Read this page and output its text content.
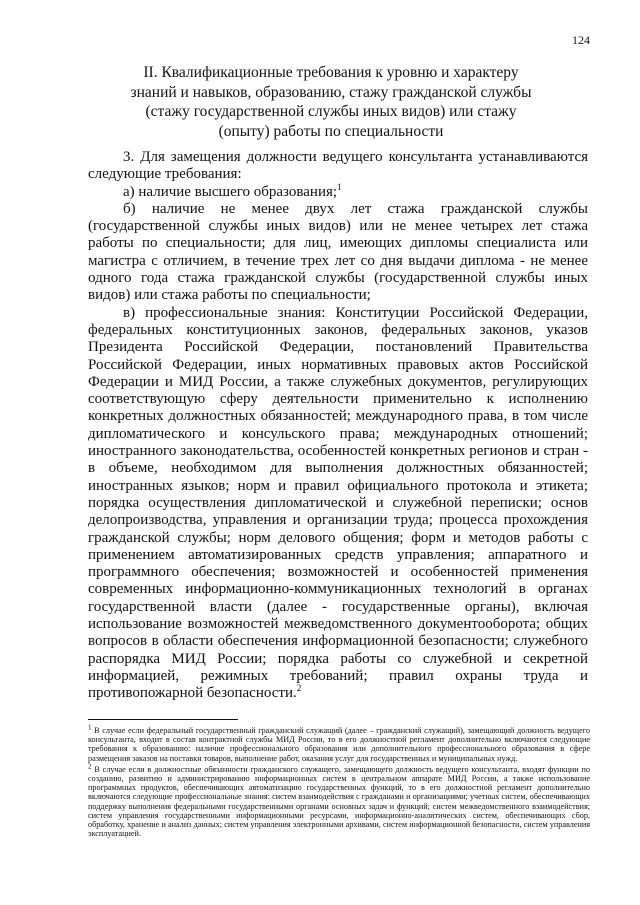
124
II. Квалификационные требования к уровню и характеру
знаний и навыков, образованию, стажу гражданской службы
(стажу государственной службы иных видов) или стажу
(опыту) работы по специальности

3. Для замещения должности ведущего консультанта устанавливаются следующие требования:

а) наличие высшего образования;$^1$

б) наличие не менее двух лет стажа гражданской службы (государственной службы иных видов) или не менее четырех лет стажа работы по специальности; для лиц, имеющих дипломы специалиста или магистра с отличием, в течение трех лет со дня выдачи диплома - не менее одного года стажа гражданской службы (государственной службы иных видов) или стажа работы по специальности;

в) профессиональные знания: Конституции Российской Федерации, федеральных конституционных законов, федеральных законов, указов Президента Российской Федерации, постановлений Правительства Российской Федерации, иных нормативных правовых актов Российской Федерации и МИД России, а также служебных документов, регулирующих соответствующую сферу деятельности применительно к исполнению конкретных должностных обязанностей; международного права, в том числе дипломатического и консульского права; международных отношений; иностранного законодательства, особенностей конкретных регионов и стран - в объеме, необходимом для выполнения должностных обязанностей; иностранных языков; норм и правил официального протокола и этикета; порядка осуществления дипломатической и служебной переписки; основ делопроизводства, управления и организации труда; процесса прохождения гражданской службы; норм делового общения; форм и методов работы с применением автоматизированных средств управления; аппаратного и программного обеспечения; возможностей и особенностей применения современных информационно-коммуникационных технологий в органах государственной власти (далее - государственные органы), включая использование возможностей межведомственного документооборота; общих вопросов в области обеспечения информационной безопасности; служебного распорядка МИД России; порядка работы со служебной и секретной информацией, режимных требований; правил охраны труда и противопожарной безопасности.$^2$

$^1$ В случае если федеральный государственный гражданский служащий (далее – гражданский служащий), замещающий должность ведущего консультанта, входит в состав контрактной службы МИД России, то в его должностной регламент дополнительно включаются следующие требования к образованию: наличие профессионального образования или дополнительного профессионального образования в сфере размещения заказов на поставки товаров, выполнение работ, оказания услуг для государственных и муниципальных нужд.

$^2$ В случае если в должностные обязанности гражданского служащего, замещающего должность ведущего консультанта, входят функции по созданию, развитию и администрированию информационных систем в центральном аппарате МИД России, а также использование программных продуктов, обеспечивающих автоматизацию государственных функций, то в его должностной регламент дополнительно включаются следующие профессиональные знания: систем взаимодействия с гражданами и организациями; учетных систем, обеспечивающих поддержку выполнения федеральными государственными органами основных задач и функций; систем межведомственного взаимодействия; систем управления государственными информационными ресурсами, информационно-аналитических систем, обеспечивающих сбор, обработку, хранение и анализ данных; систем управления электронными архивами, систем информационной безопасности, систем управления эксплуатацией.
